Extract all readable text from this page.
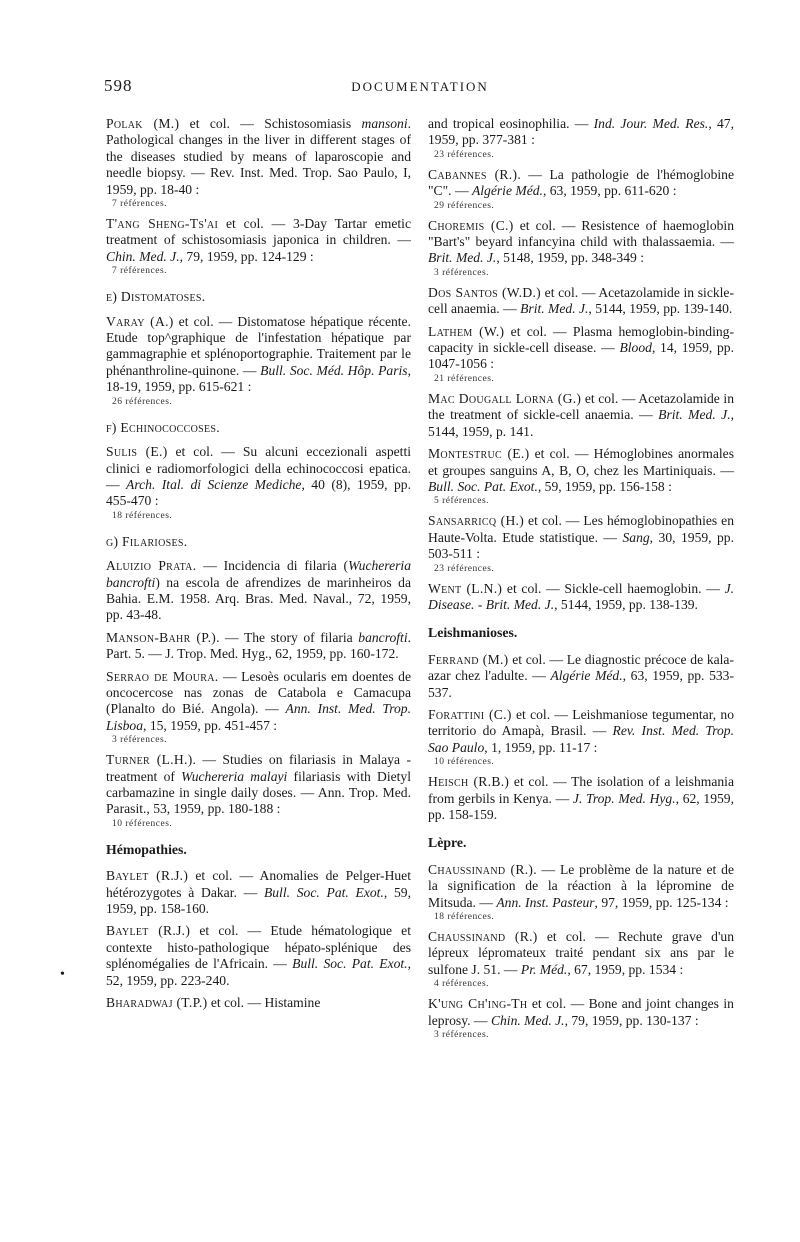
598	DOCUMENTATION
•
Polak (M.) et col. — Schistosomiasis mansoni. Pathological changes in the liver in different stages of the diseases studied by means of laparoscopie and needle biopsy. — Rev. Inst. Med. Trop. Sao Paulo, I, 1959, pp. 18-40 :
7 références.
T'ang Sheng-Ts'ai et col. — 3-Day Tartar emetic treatment of schistosomiasis japonica in children. — Chin. Med. J., 79, 1959, pp. 124-129 :
7 références.
e) Distomatoses.
Varay (A.) et col. — Distomatose hépatique récente. Etude top^graphique de l'infestation hépatique par gammagraphie et splénoportographie. Traitement par le phénanthroline-quinone. — Bull. Soc. Méd. Hôp. Paris, 18-19, 1959, pp. 615-621 :
26 références.
f) Echinococcoses.
Sulis (E.) et col. — Su alcuni eccezionali aspetti clinici e radiomorfologici della echinococcosi epatica. — Arch. Ital. di Scienze Mediche, 40 (8), 1959, pp. 455-470 :
18 références.
g) Filarioses.
Aluizio Prata. — Incidencia di filaria (Wuchereria bancrofti) na escola de afrendizes de marinheiros da Bahia. E.M. 1958. Arq. Bras. Med. Naval., 72, 1959, pp. 43-48.
Manson-Bahr (P.). — The story of filaria bancrofti. Part. 5. — J. Trop. Med. Hyg., 62, 1959, pp. 160-172.
Serrao de Moura. — Lesoès ocularis em doentes de oncocercose nas zonas de Catabola e Camacupa (Planalto do Bié. Angola). — Ann. Inst. Med. Trop. Lisboa, 15, 1959, pp. 451-457 :
3 références.
Turner (L.H.). — Studies on filariasis in Malaya - treatment of Wuchereria malayi filariasis with Dietyl carbamazine in single daily doses. — Ann. Trop. Med. Parasit., 53, 1959, pp. 180-188 :
10 références.
Hémopathies.
Baylet (R.J.) et col. — Anomalies de Pelger-Huet hétérozygotes à Dakar. — Bull. Soc. Pat. Exot., 59, 1959, pp. 158-160.
Baylet (R.J.) et col. — Etude hématologique et contexte histo-pathologique hépato-splénique des splénomégalies de l'Africain. — Bull. Soc. Pat. Exot., 52, 1959, pp. 223-240.
Bharadwaj (T.P.) et col. — Histamine
and tropical eosinophilia. — Ind. Jour. Med. Res., 47, 1959, pp. 377-381 :
23 références.
Cabannes (R.). — La pathologie de l'hémoglobine "C". — Algérie Méd., 63, 1959, pp. 611-620 :
29 références.
Choremis (C.) et col. — Resistence of haemoglobin "Bart's" beyard infancyina child with thalassaemia. — Brit. Med. J., 5148, 1959, pp. 348-349 :
3 références.
Dos Santos (W.D.) et col. — Acetazolamide in sickle-cell anaemia. — Brit. Med. J., 5144, 1959, pp. 139-140.
Lathem (W.) et col. — Plasma hemoglobin-binding-capacity in sickle-cell disease. — Blood, 14, 1959, pp. 1047-1056 :
21 références.
Mac Dougall Lorna (G.) et col. — Acetazolamide in the treatment of sickle-cell anaemia. — Brit. Med. J., 5144, 1959, p. 141.
Montestruc (E.) et col. — Hémoglobines anormales et groupes sanguins A, B, O, chez les Martiniquais. — Bull. Soc. Pat. Exot., 59, 1959, pp. 156-158 :
5 références.
Sansarricq (H.) et col. — Les hémoglobinopathies en Haute-Volta. Etude statistique. — Sang, 30, 1959, pp. 503-511 :
23 références.
Went (L.N.) et col. — Sickle-cell haemoglobin. — J. Disease. - Brit. Med. J., 5144, 1959, pp. 138-139.
Leishmanioses.
Ferrand (M.) et col. — Le diagnostic précoce de kala-azar chez l'adulte. — Algérie Méd., 63, 1959, pp. 533-537.
Forattini (C.) et col. — Leishmaniose tegumentar, no territorio do Amapà, Brasil. — Rev. Inst. Med. Trop. Sao Paulo, 1, 1959, pp. 11-17 :
10 références.
Heisch (R.B.) et col. — The isolation of a leishmania from gerbils in Kenya. — J. Trop. Med. Hyg., 62, 1959, pp. 158-159.
Lèpre.
Chaussinand (R.). — Le problème de la nature et de la signification de la réaction à la lépromine de Mitsuda. — Ann. Inst. Pasteur, 97, 1959, pp. 125-134 :
18 références.
Chaussinand (R.) et col. — Rechute grave d'un lépreux lépromateux traité pendant six ans par le sulfone J. 51. — Pr. Méd., 67, 1959, pp. 1534 :
4 références.
K'ung Ch'ing-Th et col. — Bone and joint changes in leprosy. — Chin. Med. J., 79, 1959, pp. 130-137 :
3 références.
